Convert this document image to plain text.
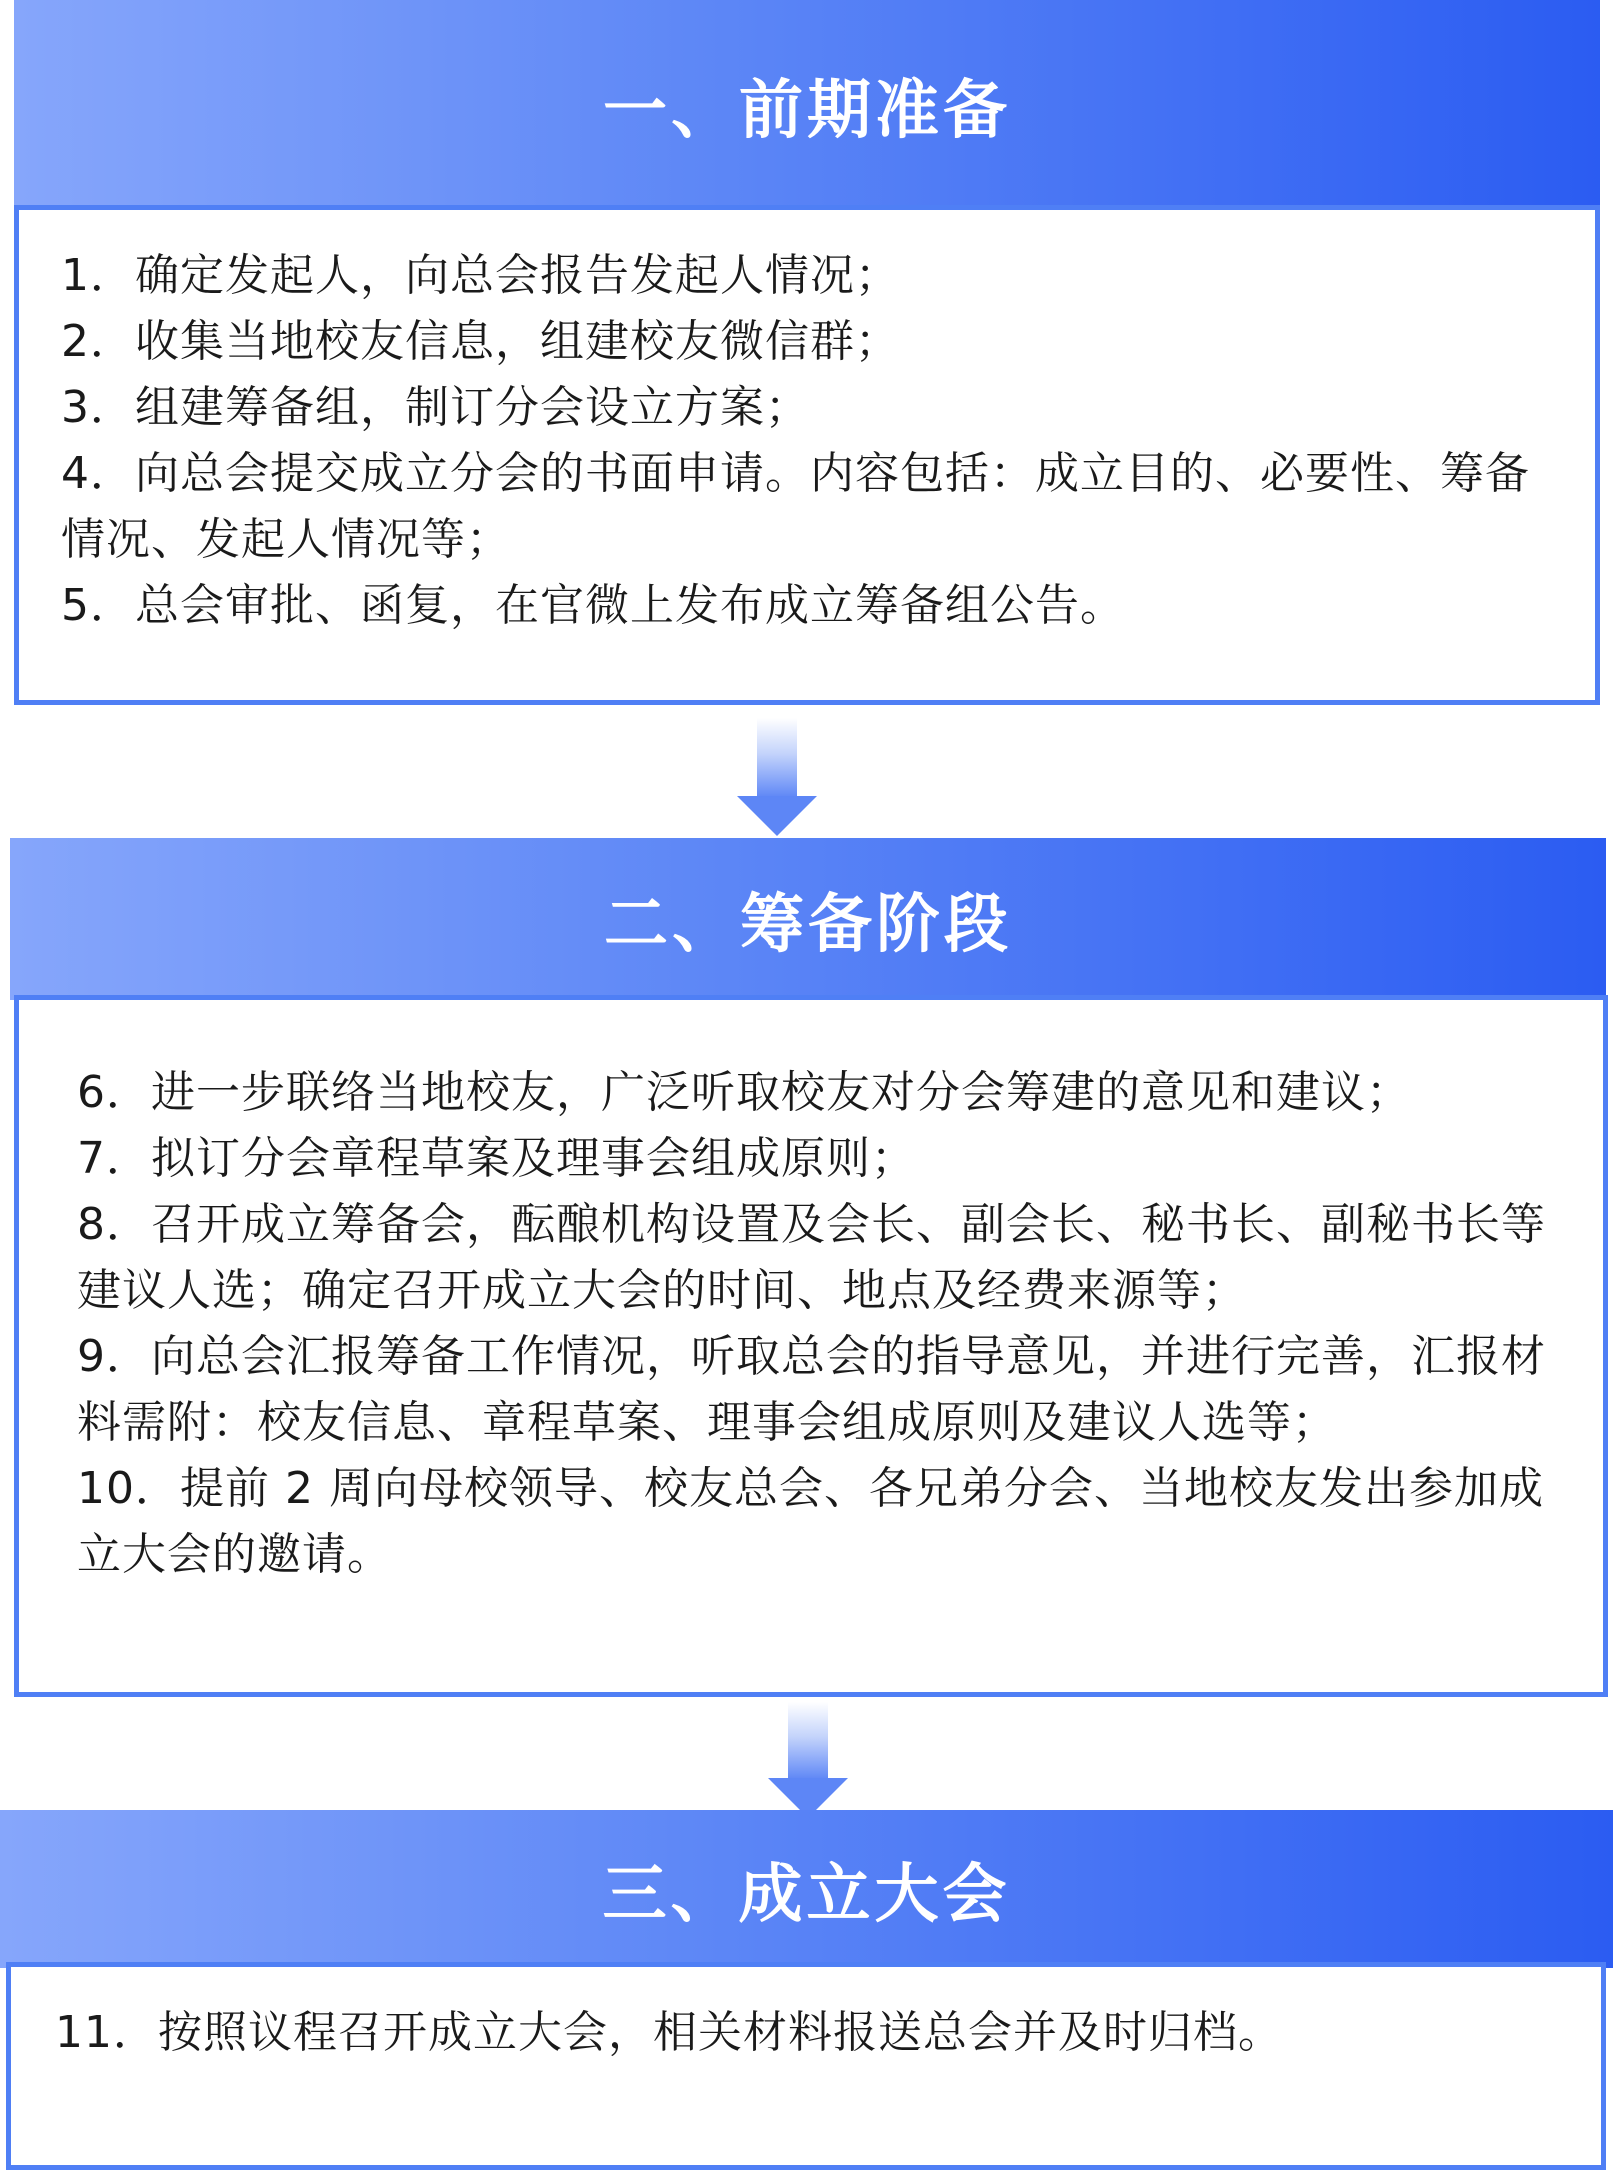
一、前期准备

1．确定发起人，向总会报告发起人情况；

2．收集当地校友信息，组建校友微信群；

3．组建筹备组，制订分会设立方案；

4．向总会提交成立分会的书面申请。内容包括：成立目的、必要性、筹备情况、发起人情况等；

5．总会审批、函复，在官微上发布成立筹备组公告。

二、筹备阶段

6．进一步联络当地校友，广泛听取校友对分会筹建的意见和建议；

7．拟订分会章程草案及理事会组成原则；

8．召开成立筹备会，酝酿机构设置及会长、副会长、秘书长、副秘书长等建议人选；确定召开成立大会的时间、地点及经费来源等；

9．向总会汇报筹备工作情况，听取总会的指导意见，并进行完善，汇报材料需附：校友信息、章程草案、理事会组成原则及建议人选等；

10．提前 2 周向母校领导、校友总会、各兄弟分会、当地校友发出参加成立大会的邀请。

三、成立大会

11．按照议程召开成立大会，相关材料报送总会并及时归档。
